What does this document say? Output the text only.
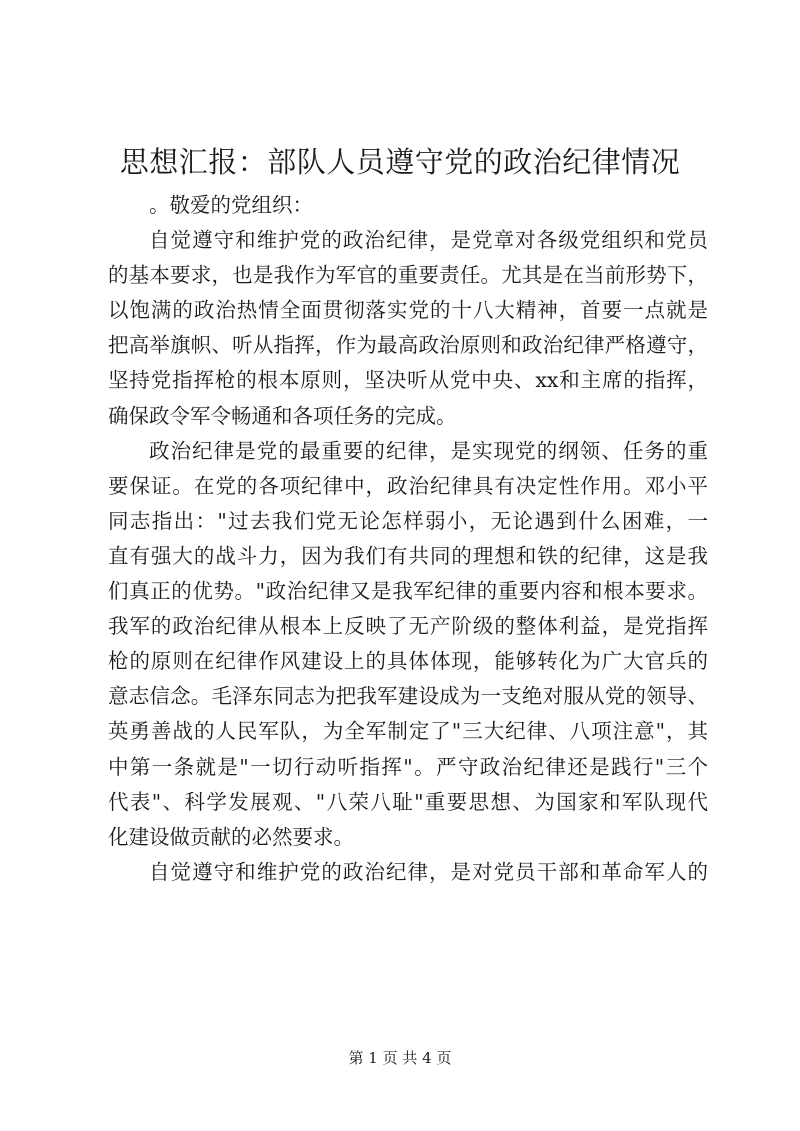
思想汇报：部队人员遵守党的政治纪律情况
。敬爱的党组织：
自觉遵守和维护党的政治纪律，是党章对各级党组织和党员
的基本要求，也是我作为军官的重要责任。尤其是在当前形势下，
以饱满的政治热情全面贯彻落实党的十八大精神，首要一点就是
把高举旗帜、听从指挥，作为最高政治原则和政治纪律严格遵守，
坚持党指挥枪的根本原则，坚决听从党中央、xx和主席的指挥，
确保政令军令畅通和各项任务的完成。
政治纪律是党的最重要的纪律，是实现党的纲领、任务的重
要保证。在党的各项纪律中，政治纪律具有决定性作用。邓小平
同志指出："过去我们党无论怎样弱小，无论遇到什么困难，一
直有强大的战斗力，因为我们有共同的理想和铁的纪律，这是我
们真正的优势。"政治纪律又是我军纪律的重要内容和根本要求。
我军的政治纪律从根本上反映了无产阶级的整体利益，是党指挥
枪的原则在纪律作风建设上的具体体现，能够转化为广大官兵的
意志信念。毛泽东同志为把我军建设成为一支绝对服从党的领导、
英勇善战的人民军队，为全军制定了"三大纪律、八项注意"，其
中第一条就是"一切行动听指挥"。严守政治纪律还是践行"三个
代表"、科学发展观、"八荣八耻"重要思想、为国家和军队现代
化建设做贡献的必然要求。
自觉遵守和维护党的政治纪律，是对党员干部和革命军人的
第 1 页 共 4 页
